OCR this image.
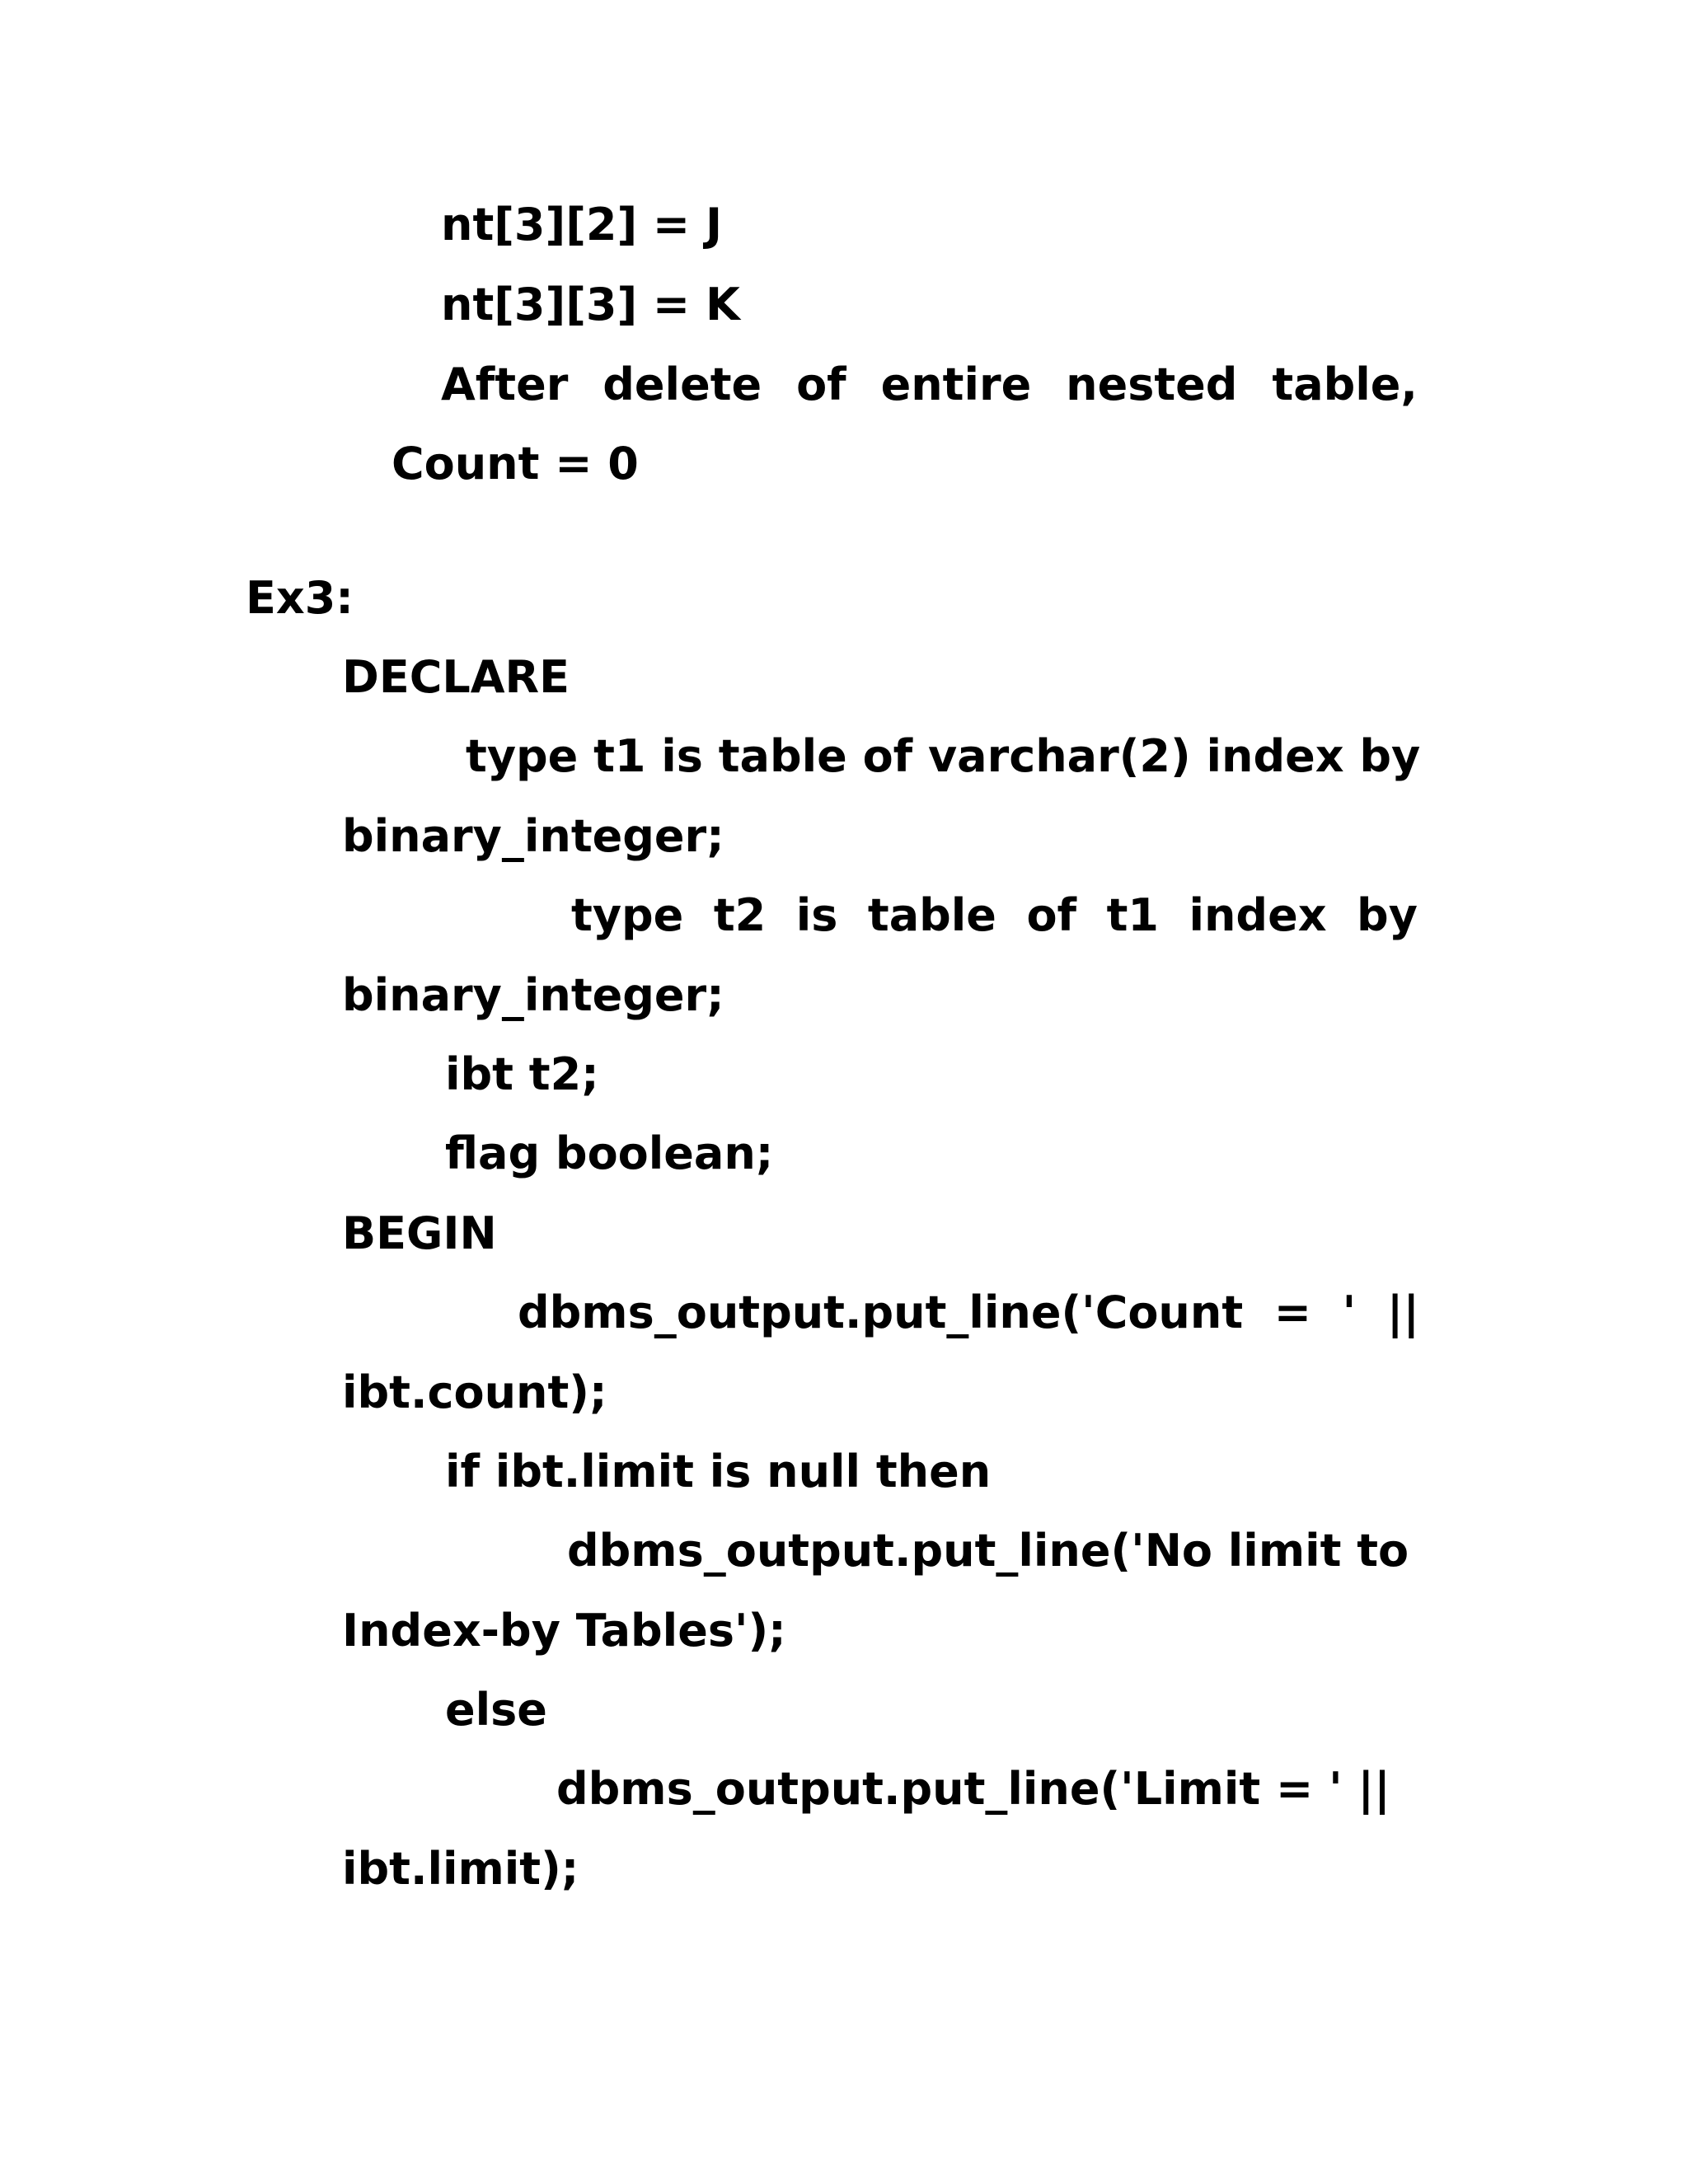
nt[3][2] = J
nt[3][3] = K
After delete of entire nested table,
Count = 0
Ex3:
DECLARE
type t1 is table of varchar(2) index by
binary_integer;
type t2 is table of t1 index by
binary_integer;
ibt t2;
flag boolean;
BEGIN
dbms_output.put_line('Count  =  '  ||
ibt.count);
if ibt.limit is null then
dbms_output.put_line('No limit to
Index-by Tables');
else
dbms_output.put_line('Limit = ' ||
ibt.limit);
